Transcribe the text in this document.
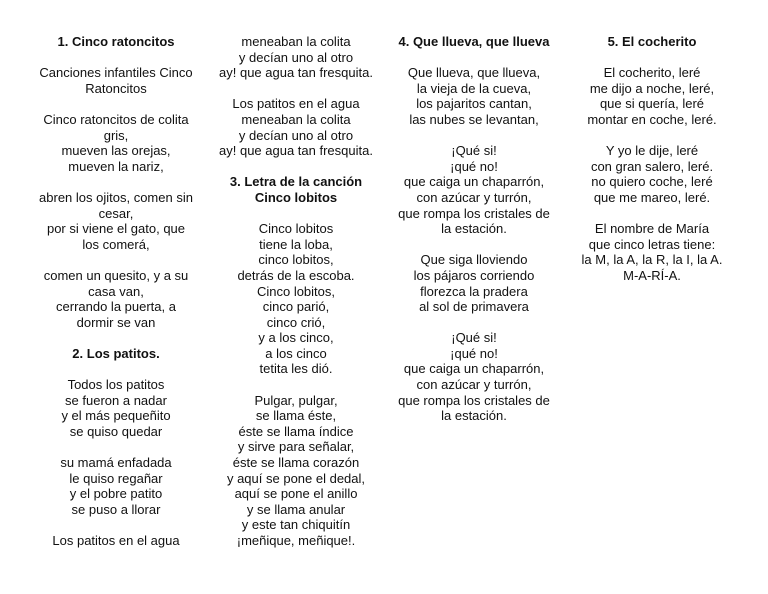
1. Cinco ratoncitos

Canciones infantiles Cinco
Ratoncitos

Cinco ratoncitos de colita
gris,
mueven las orejas,
mueven la nariz,

abren los ojitos, comen sin
cesar,
por si viene el gato, que
los comerá,

comen un quesito, y a su
casa van,
cerrando la puerta, a
dormir se van

2. Los patitos.

Todos los patitos
se fueron a nadar
y el más pequeñito
se quiso quedar

su mamá enfadada
le quiso regañar
y el pobre patito
se puso a llorar

Los patitos en el agua

meneaban la colita
y decían uno al otro
ay! que agua tan fresquita.

Los patitos en el agua
meneaban la colita
y decían uno al otro
ay! que agua tan fresquita.

3. Letra de la canción
Cinco lobitos

Cinco lobitos
tiene la loba,
cinco lobitos,
detrás de la escoba.
Cinco lobitos,
cinco parió,
cinco crió,
y a los cinco,
a los cinco
tetita les dió.

Pulgar, pulgar,
se llama éste,
éste se llama índice
y sirve para señalar,
éste se llama corazón
y aquí se pone el dedal,
aquí se pone el anillo
y se llama anular
y este tan chiquitín
¡meñique, meñique!.

4. Que llueva, que llueva

Que llueva, que llueva,
la vieja de la cueva,
los pajaritos cantan,
las nubes se levantan,

¡Qué si!
¡qué no!
que caiga un chaparrón,
con azúcar y turrón,
que rompa los cristales de
la estación.

Que siga lloviendo
los pájaros corriendo
florezca la pradera
al sol de primavera

¡Qué si!
¡qué no!
que caiga un chaparrón,
con azúcar y turrón,
que rompa los cristales de
la estación.

5. El cocherito

El cocherito, leré
me dijo a noche, leré,
que si quería, leré
montar en coche, leré.

Y yo le dije, leré
con gran salero, leré.
no quiero coche, leré
que me mareo, leré.

El nombre de María
que cinco letras tiene:
la M, la A, la R, la I, la A.
M-A-RÍ-A.
